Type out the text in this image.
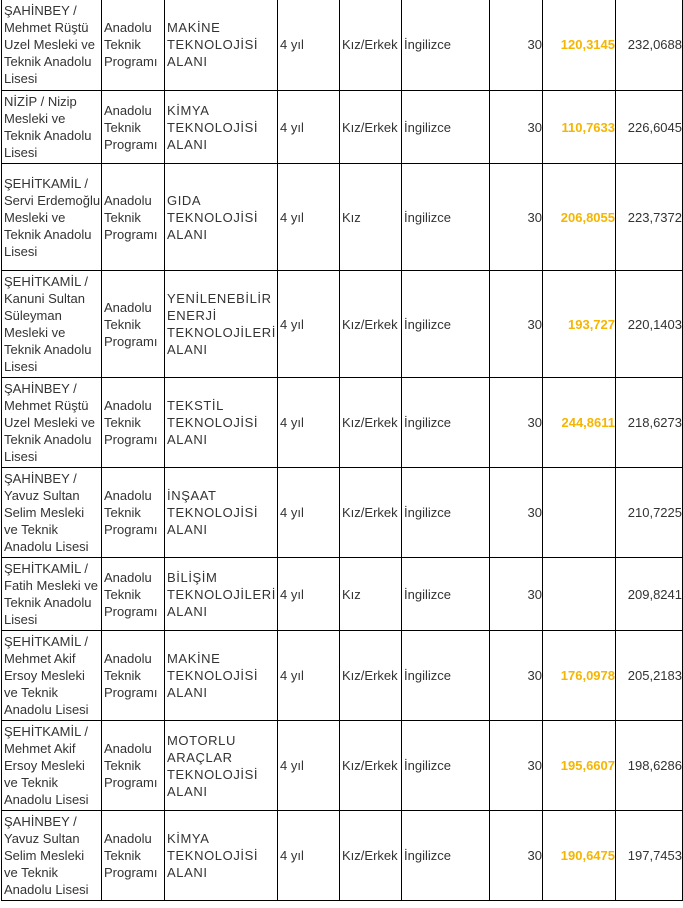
ŞAHİNBEY / Mehmet Rüştü Uzel Mesleki ve Teknik Anadolu Lisesi	Anadolu Teknik Programı	MAKİNE TEKNOLOJİSİ ALANI	4 yıl	Kız/Erkek	İngilizce	30	120,3145	232,0688
NİZİP / Nizip Mesleki ve Teknik Anadolu Lisesi	Anadolu Teknik Programı	KİMYA TEKNOLOJİSİ ALANI	4 yıl	Kız/Erkek	İngilizce	30	110,7633	226,6045
ŞEHİTKAMİL / Servi Erdemoğlu Mesleki ve Teknik Anadolu Lisesi	Anadolu Teknik Programı	GIDA TEKNOLOJİSİ ALANI	4 yıl	Kız	İngilizce	30	206,8055	223,7372
ŞEHİTKAMİL / Kanuni Sultan Süleyman Mesleki ve Teknik Anadolu Lisesi	Anadolu Teknik Programı	YENİLENEBİLİR ENERJİ TEKNOLOJİLERİ ALANI	4 yıl	Kız/Erkek	İngilizce	30	193,727	220,1403
ŞAHİNBEY / Mehmet Rüştü Uzel Mesleki ve Teknik Anadolu Lisesi	Anadolu Teknik Programı	TEKSTİL TEKNOLOJİSİ ALANI	4 yıl	Kız/Erkek	İngilizce	30	244,8611	218,6273
ŞAHİNBEY / Yavuz Sultan Selim Mesleki ve Teknik Anadolu Lisesi	Anadolu Teknik Programı	İNŞAAT TEKNOLOJİSİ ALANI	4 yıl	Kız/Erkek	İngilizce	30		210,7225
ŞEHİTKAMİL / Fatih Mesleki ve Teknik Anadolu Lisesi	Anadolu Teknik Programı	BİLİŞİM TEKNOLOJİLERİ ALANI	4 yıl	Kız	İngilizce	30		209,8241
ŞEHİTKAMİL / Mehmet Akif Ersoy Mesleki ve Teknik Anadolu Lisesi	Anadolu Teknik Programı	MAKİNE TEKNOLOJİSİ ALANI	4 yıl	Kız/Erkek	İngilizce	30	176,0978	205,2183
ŞEHİTKAMİL / Mehmet Akif Ersoy Mesleki ve Teknik Anadolu Lisesi	Anadolu Teknik Programı	MOTORLU ARAÇLAR TEKNOLOJİSİ ALANI	4 yıl	Kız/Erkek	İngilizce	30	195,6607	198,6286
ŞAHİNBEY / Yavuz Sultan Selim Mesleki ve Teknik Anadolu Lisesi	Anadolu Teknik Programı	KİMYA TEKNOLOJİSİ ALANI	4 yıl	Kız/Erkek	İngilizce	30	190,6475	197,7453
